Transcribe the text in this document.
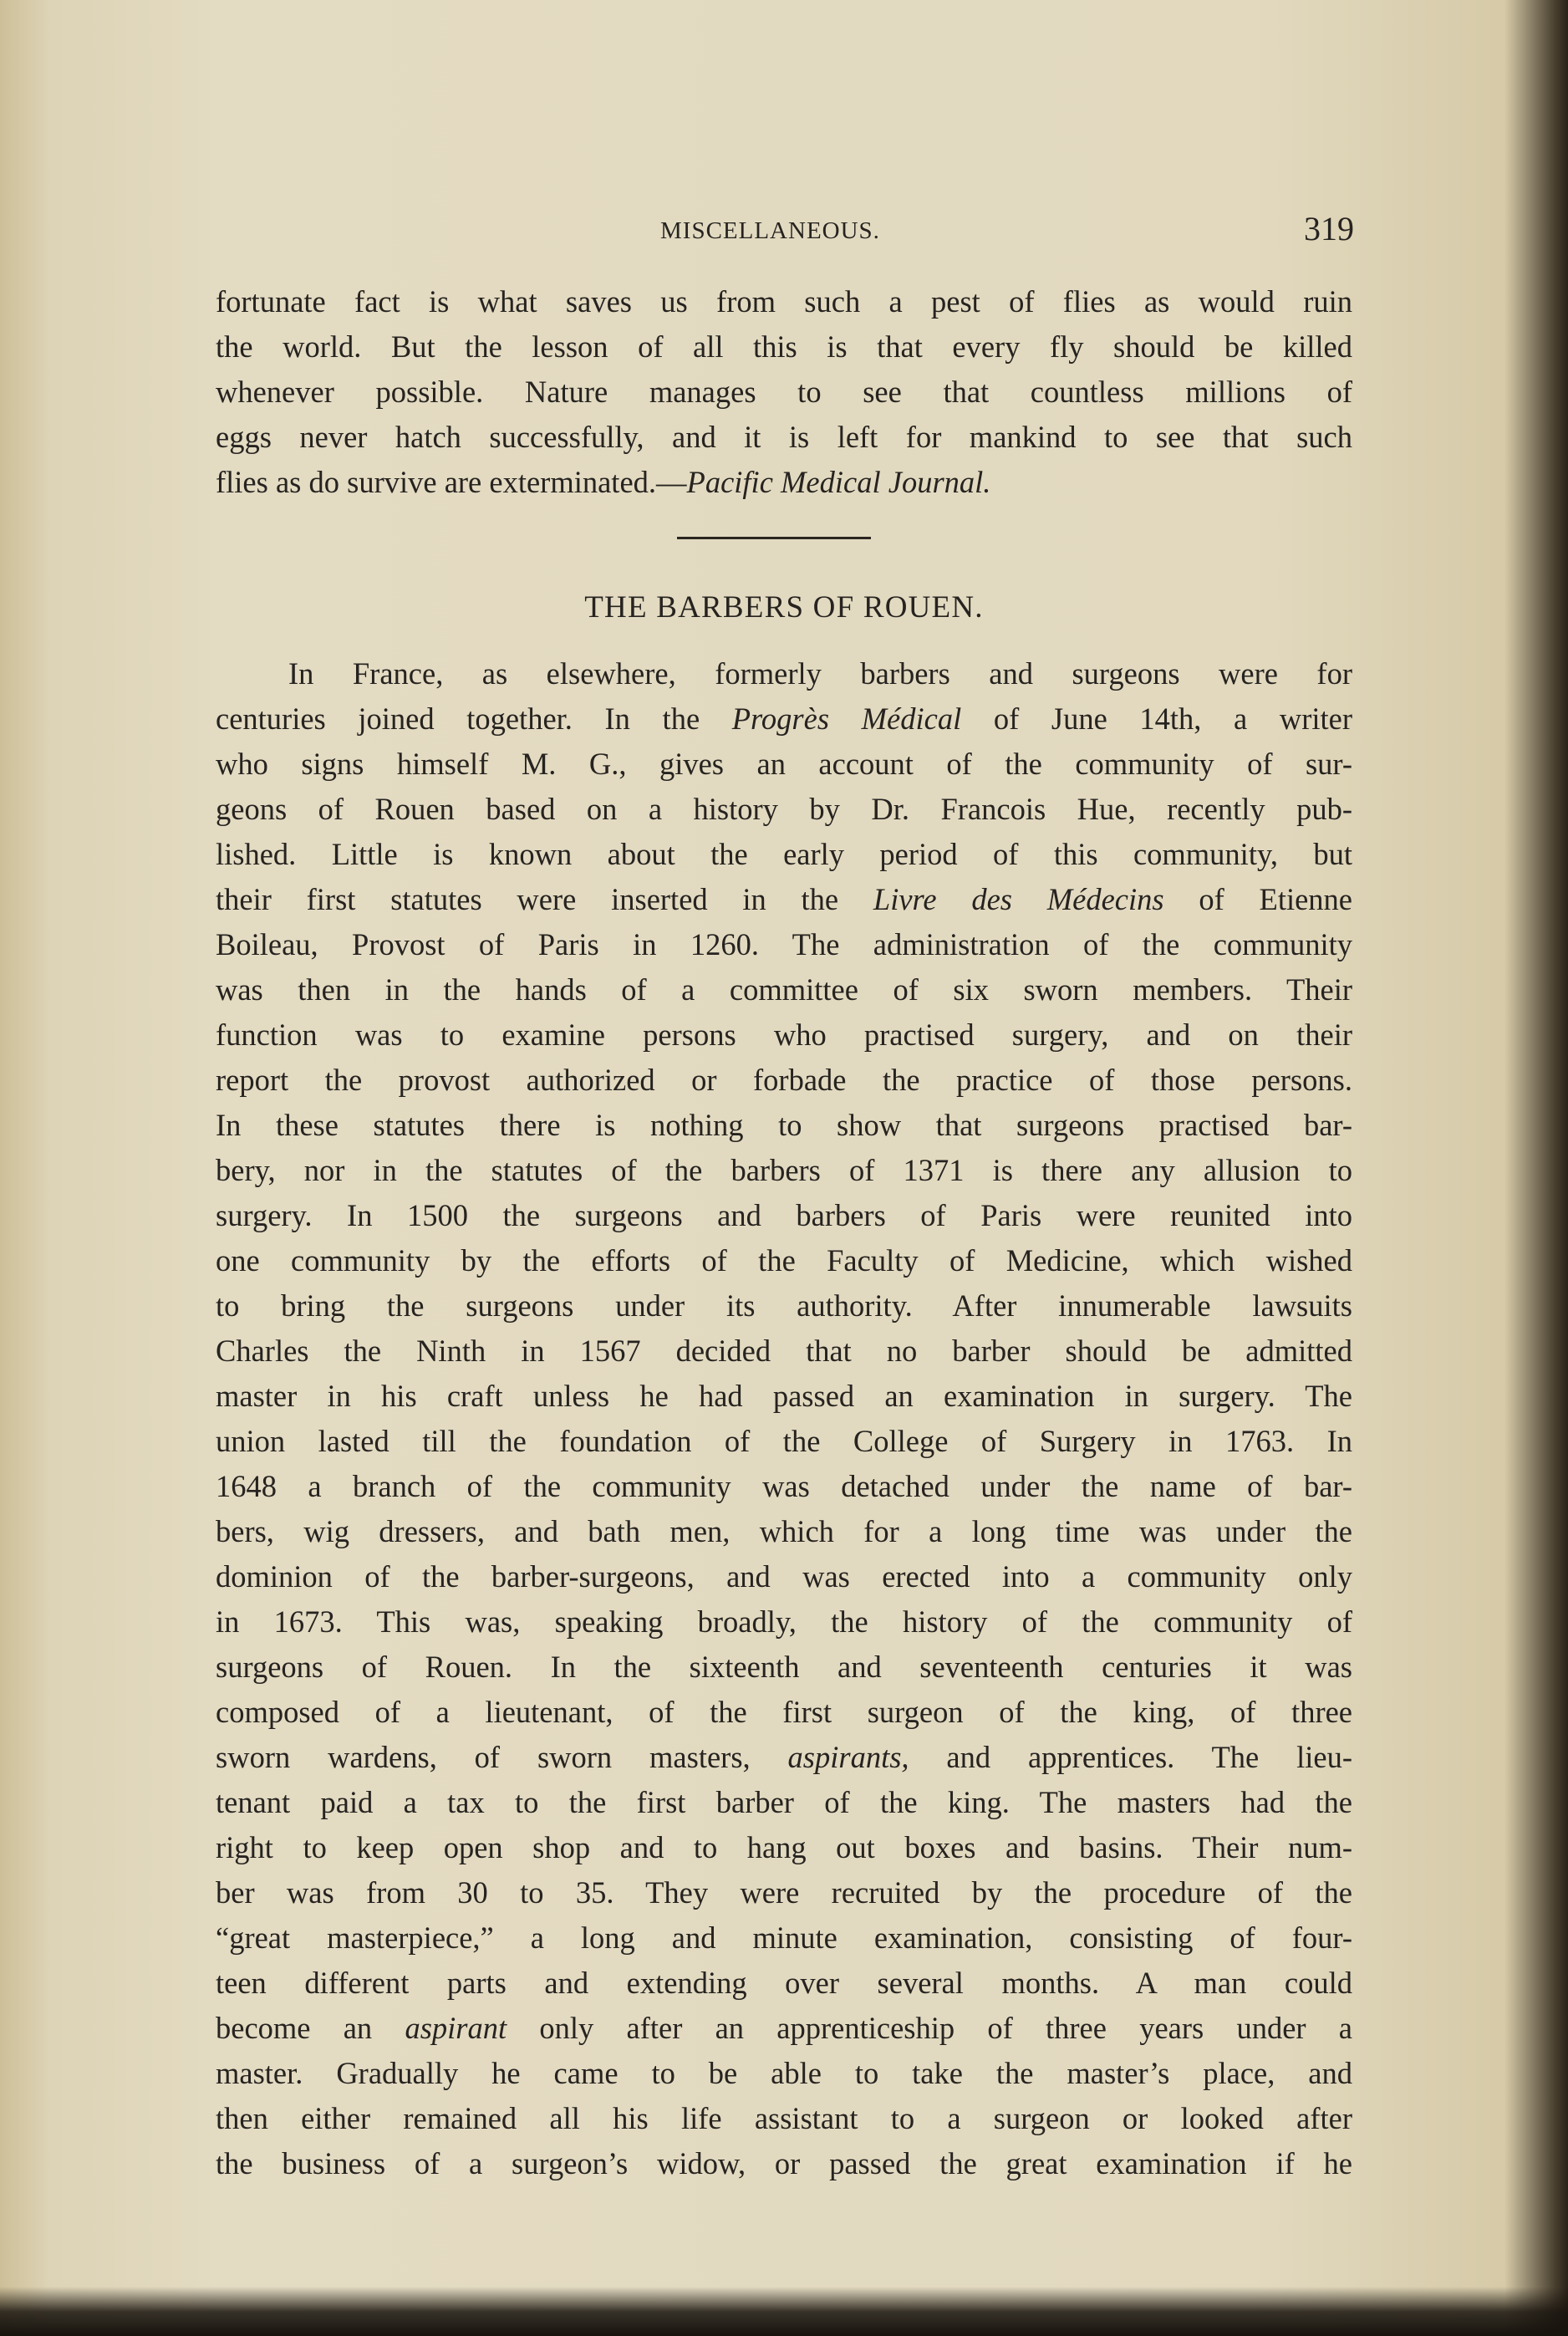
MISCELLANEOUS.	319
fortunate fact is what saves us from such a pest of flies as would ruin
the world. But the lesson of all this is that every fly should be killed
whenever possible. Nature manages to see that countless millions of
eggs never hatch successfully, and it is left for mankind to see that such
flies as do survive are exterminated.—Pacific Medical Journal.
THE BARBERS OF ROUEN.
In France, as elsewhere, formerly barbers and surgeons were for
centuries joined together. In the Progrès Médical of June 14th, a writer
who signs himself M. G., gives an account of the community of sur-
geons of Rouen based on a history by Dr. Francois Hue, recently pub-
lished. Little is known about the early period of this community, but
their first statutes were inserted in the Livre des Médecins of Etienne
Boileau, Provost of Paris in 1260. The administration of the community
was then in the hands of a committee of six sworn members. Their
function was to examine persons who practised surgery, and on their
report the provost authorized or forbade the practice of those persons.
In these statutes there is nothing to show that surgeons practised bar-
bery, nor in the statutes of the barbers of 1371 is there any allusion to
surgery. In 1500 the surgeons and barbers of Paris were reunited into
one community by the efforts of the Faculty of Medicine, which wished
to bring the surgeons under its authority. After innumerable lawsuits
Charles the Ninth in 1567 decided that no barber should be admitted
master in his craft unless he had passed an examination in surgery. The
union lasted till the foundation of the College of Surgery in 1763. In
1648 a branch of the community was detached under the name of bar-
bers, wig dressers, and bath men, which for a long time was under the
dominion of the barber-surgeons, and was erected into a community only
in 1673. This was, speaking broadly, the history of the community of
surgeons of Rouen. In the sixteenth and seventeenth centuries it was
composed of a lieutenant, of the first surgeon of the king, of three
sworn wardens, of sworn masters, aspirants, and apprentices. The lieu-
tenant paid a tax to the first barber of the king. The masters had the
right to keep open shop and to hang out boxes and basins. Their num-
ber was from 30 to 35. They were recruited by the procedure of the
“great masterpiece,” a long and minute examination, consisting of four-
teen different parts and extending over several months. A man could
become an aspirant only after an apprenticeship of three years under a
master. Gradually he came to be able to take the master’s place, and
then either remained all his life assistant to a surgeon or looked after
the business of a surgeon’s widow, or passed the great examination if he
